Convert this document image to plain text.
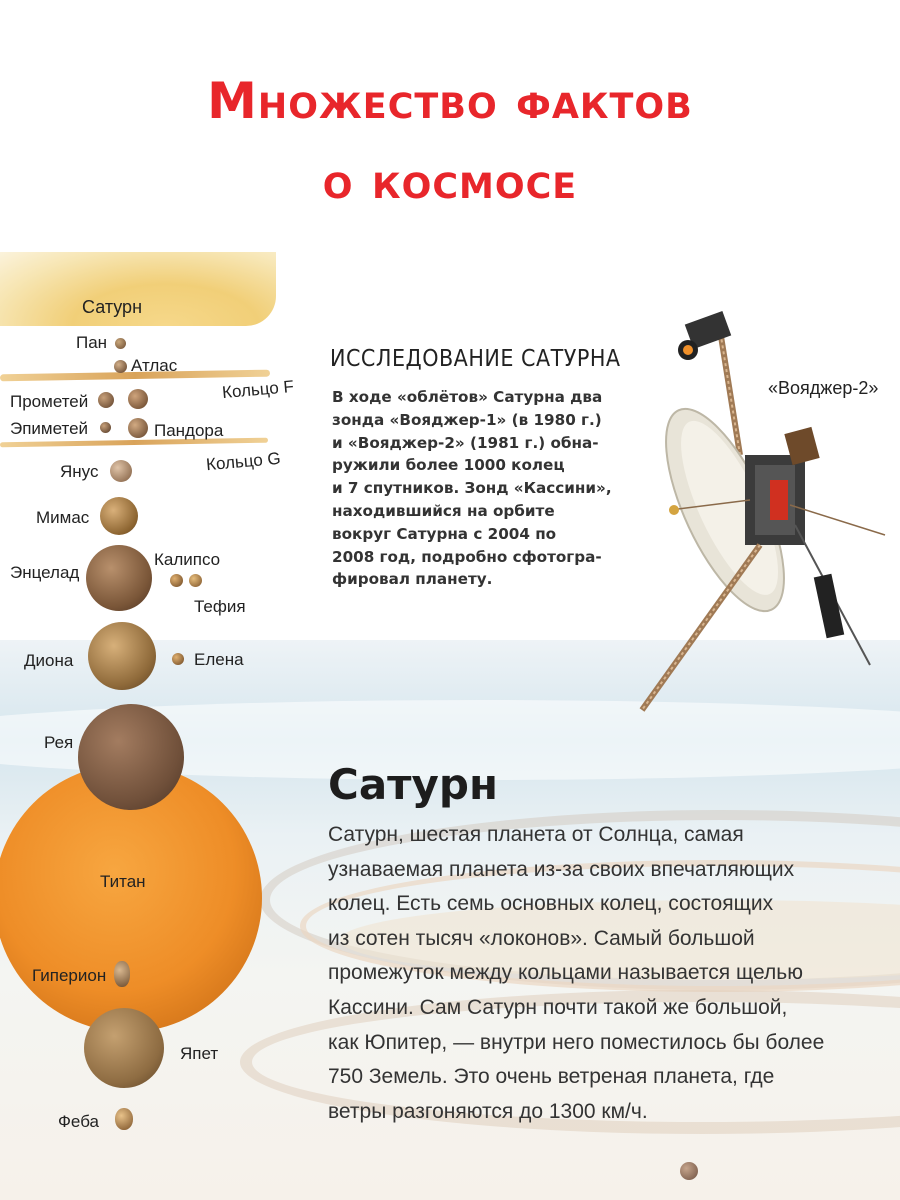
Множество фактов
о космосе
Сатурн
Пан
Атлас
Кольцо F
Прометей
Эпиметей	Пандора
Янус	Кольцо G
Мимас
Энцелад
Калипсо
Тефия
Диона	Елена
Титан
Рея
Гиперион
Япет
Феба
ИССЛЕДОВАНИЕ САТУРНА
В ходе «облётов» Сатурна два
зонда «Вояджер-1» (в 1980 г.)
и «Вояджер-2» (1981 г.) обна-
ружили более 1000 колец
и 7 спутников. Зонд «Кассини»,
находившийся на орбите
вокруг Сатурна с 2004 по
2008 год, подробно сфотогра-
фировал планету.
«Вояджер-2»
Сатурн
Сатурн, шестая планета от Солнца, самая
узнаваемая планета из-за своих впечатляющих
колец. Есть семь основных колец, состоящих
из сотен тысяч «локонов». Самый большой
промежуток между кольцами называется щелью
Кассини. Сам Сатурн почти такой же большой,
как Юпитер, — внутри него поместилось бы более
750 Земель. Это очень ветреная планета, где
ветры разгоняются до 1300 км/ч.
